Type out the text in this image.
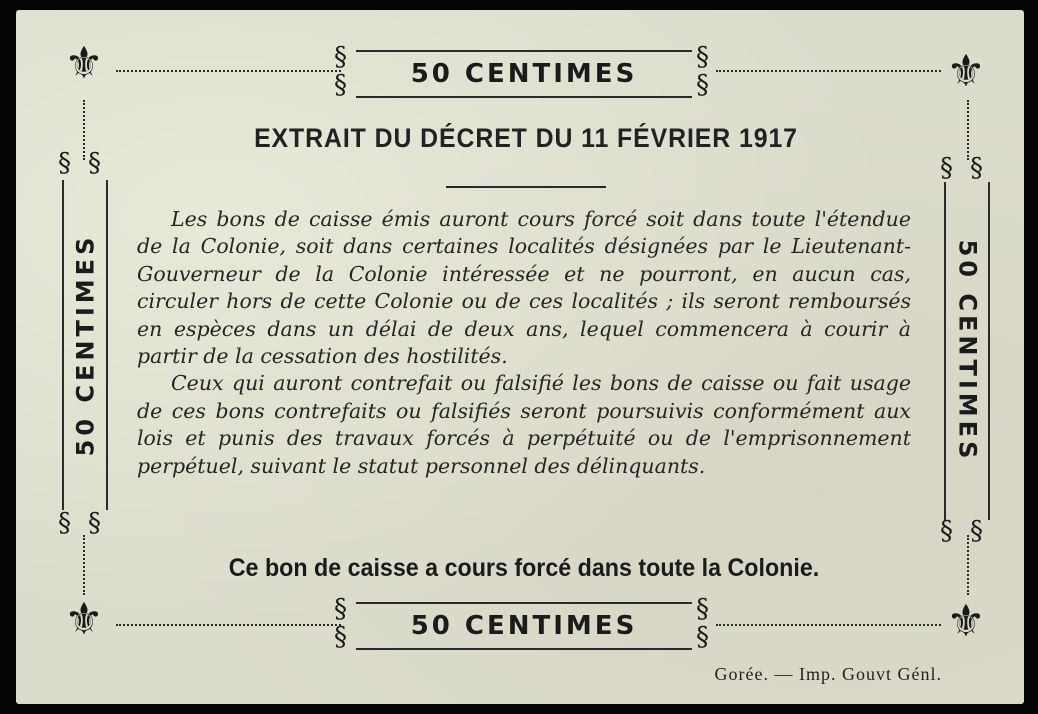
⚜	⚜
⚜	⚜
§
§
§
§
§
§
§
§
§ §
§ §
§ §
§ §
50 CENTIMES
50 CENTIMES
50 CENTIMES	50 CENTIMES
EXTRAIT DU DÉCRET DU 11 FÉVRIER 1917

Les bons de caisse émis auront cours forcé soit dans toute l'étendue de la Colonie, soit dans certaines localités désignées par le Lieutenant-Gouverneur de la Colonie intéressée et ne pourront, en aucun cas, circuler hors de cette Colonie ou de ces localités ; ils seront remboursés en espèces dans un délai de deux ans, lequel commencera à courir à partir de la cessation des hostilités.

Ceux qui auront contrefait ou falsifié les bons de caisse ou fait usage de ces bons contrefaits ou falsifiés seront poursuivis conformément aux lois et punis des travaux forcés à perpétuité ou de l'emprisonnement perpétuel, suivant le statut personnel des délinquants.

Ce bon de caisse a cours forcé dans toute la Colonie.
Gorée. — Imp. Gouvt Génl.
